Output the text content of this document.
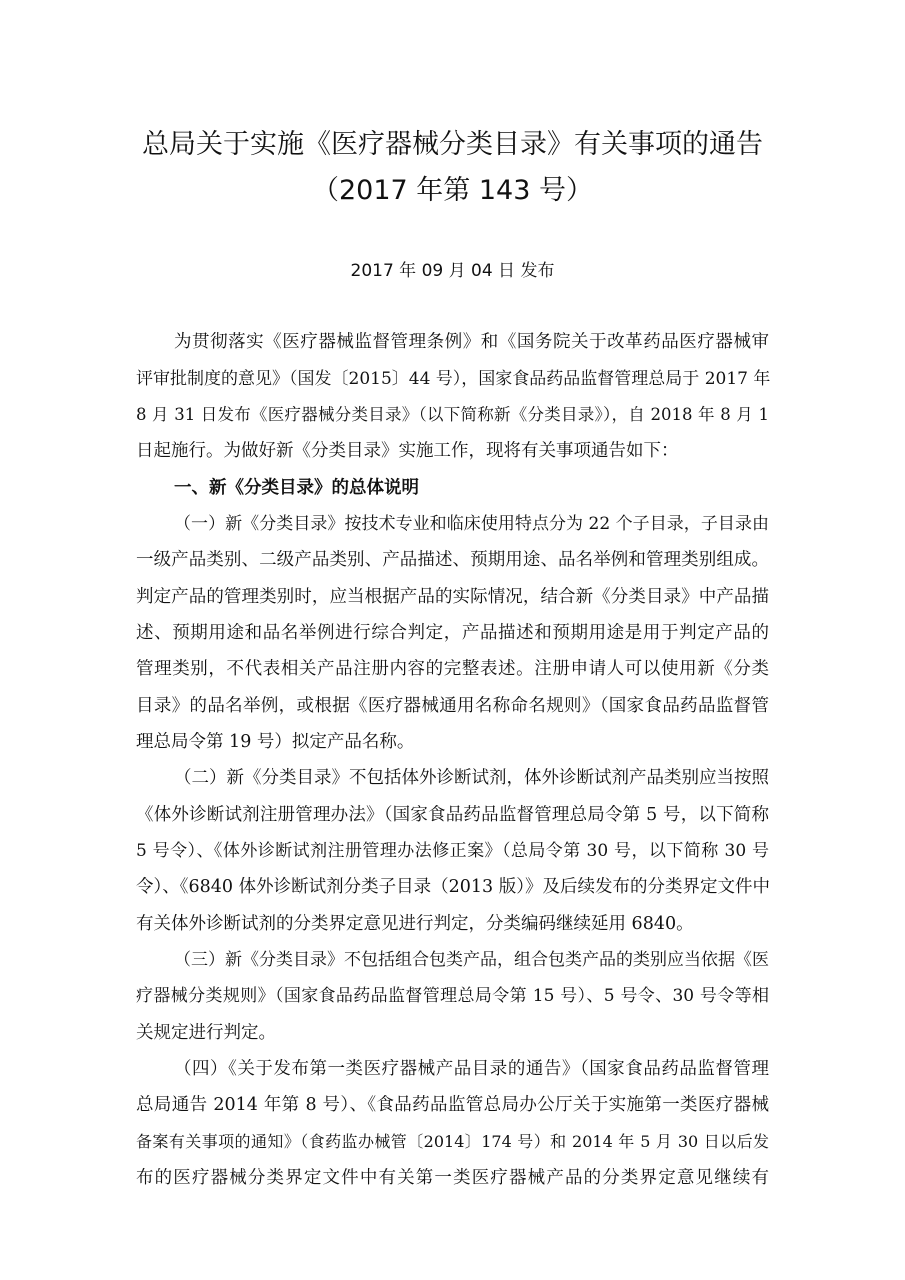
总局关于实施《医疗器械分类目录》有关事项的通告
（2017 年第 143 号）
2017 年 09 月 04 日 发布
为贯彻落实《医疗器械监督管理条例》和《国务院关于改革药品医疗器械审
评审批制度的意见》（国发〔2015〕44 号），国家食品药品监督管理总局于 2017 年
8 月 31 日发布《医疗器械分类目录》（以下简称新《分类目录》），自 2018 年 8 月 1
日起施行。为做好新《分类目录》实施工作，现将有关事项通告如下：
一、新《分类目录》的总体说明
（一）新《分类目录》按技术专业和临床使用特点分为 22 个子目录，子目录由
一级产品类别、二级产品类别、产品描述、预期用途、品名举例和管理类别组成。
判定产品的管理类别时，应当根据产品的实际情况，结合新《分类目录》中产品描
述、预期用途和品名举例进行综合判定，产品描述和预期用途是用于判定产品的
管理类别，不代表相关产品注册内容的完整表述。注册申请人可以使用新《分类
目录》的品名举例，或根据《医疗器械通用名称命名规则》（国家食品药品监督管
理总局令第 19 号）拟定产品名称。
（二）新《分类目录》不包括体外诊断试剂，体外诊断试剂产品类别应当按照
《体外诊断试剂注册管理办法》（国家食品药品监督管理总局令第 5 号，以下简称
5 号令）、《体外诊断试剂注册管理办法修正案》（总局令第 30 号，以下简称 30 号
令）、《6840 体外诊断试剂分类子目录（2013 版）》及后续发布的分类界定文件中
有关体外诊断试剂的分类界定意见进行判定，分类编码继续延用 6840。
（三）新《分类目录》不包括组合包类产品，组合包类产品的类别应当依据《医
疗器械分类规则》（国家食品药品监督管理总局令第 15 号）、5 号令、30 号令等相
关规定进行判定。
（四）《关于发布第一类医疗器械产品目录的通告》（国家食品药品监督管理
总局通告 2014 年第 8 号）、《食品药品监管总局办公厅关于实施第一类医疗器械
备案有关事项的通知》（食药监办械管〔2014〕174 号）和 2014 年 5 月 30 日以后发
布的医疗器械分类界定文件中有关第一类医疗器械产品的分类界定意见继续有
